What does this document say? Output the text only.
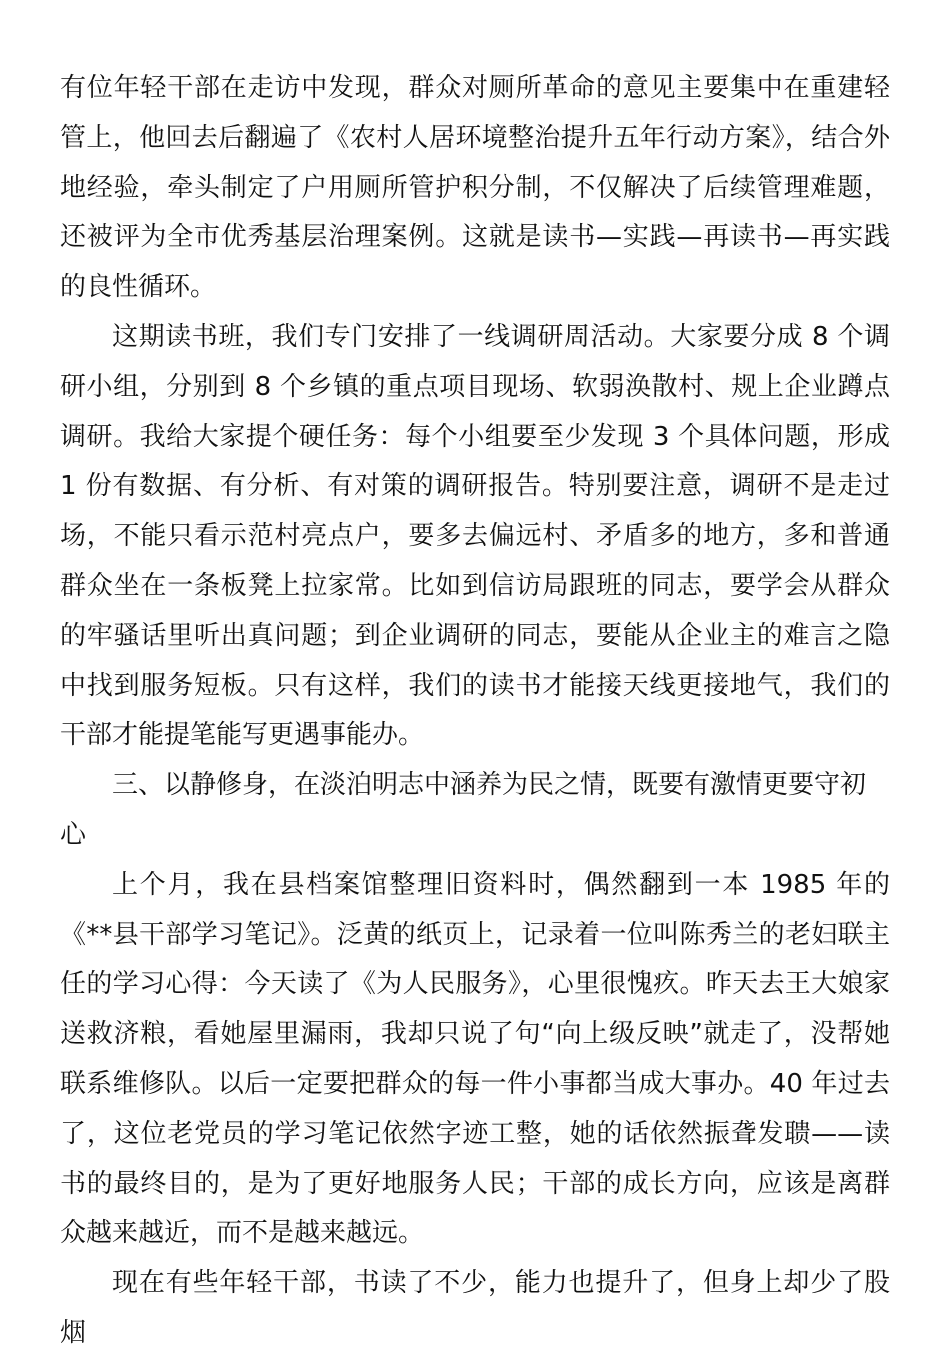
有位年轻干部在走访中发现，群众对厕所革命的意见主要集中在重建轻管上，他回去后翻遍了《农村人居环境整治提升五年行动方案》，结合外地经验，牵头制定了户用厕所管护积分制，不仅解决了后续管理难题，还被评为全市优秀基层治理案例。这就是读书—实践—再读书—再实践的良性循环。

这期读书班，我们专门安排了一线调研周活动。大家要分成 8 个调研小组，分别到 8 个乡镇的重点项目现场、软弱涣散村、规上企业蹲点调研。我给大家提个硬任务：每个小组要至少发现 3 个具体问题，形成 1 份有数据、有分析、有对策的调研报告。特别要注意，调研不是走过场，不能只看示范村亮点户，要多去偏远村、矛盾多的地方，多和普通群众坐在一条板凳上拉家常。比如到信访局跟班的同志，要学会从群众的牢骚话里听出真问题；到企业调研的同志，要能从企业主的难言之隐中找到服务短板。只有这样，我们的读书才能接天线更接地气，我们的干部才能提笔能写更遇事能办。

三、以静修身，在淡泊明志中涵养为民之情，既要有激情更要守初心

上个月，我在县档案馆整理旧资料时，偶然翻到一本 1985 年的《**县干部学习笔记》。泛黄的纸页上，记录着一位叫陈秀兰的老妇联主任的学习心得：今天读了《为人民服务》，心里很愧疚。昨天去王大娘家送救济粮，看她屋里漏雨，我却只说了句“向上级反映”就走了，没帮她联系维修队。以后一定要把群众的每一件小事都当成大事办。40 年过去了，这位老党员的学习笔记依然字迹工整，她的话依然振聋发聩——读书的最终目的，是为了更好地服务人民；干部的成长方向，应该是离群众越来越近，而不是越来越远。

现在有些年轻干部，书读了不少，能力也提升了，但身上却少了股烟
